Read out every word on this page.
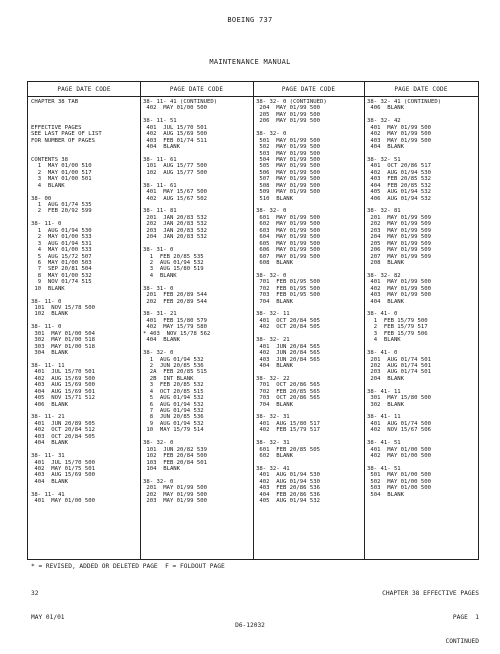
BOEING 737
MAINTENANCE MANUAL
PAGE DATE CODE	PAGE DATE CODE	PAGE DATE CODE	PAGE DATE CODE
CHAPTER 38 TAB
EFFECTIVE PAGES
SEE LAST PAGE OF LIST
FOR NUMBER OF PAGES
CONTENTS 38
1  MAY 01/00 510
2  MAY 01/00 517
3  MAY 01/00 501
4  BLANK
38- 00
1  AUG 01/74 535
2  FEB 20/92 599
38- 11- 0
1  AUG 01/94 530
2  MAY 01/00 533
3  AUG 01/94 531
4  MAY 01/00 533
5  AUG 15/72 507
6  MAY 01/00 503
7  SEP 20/81 504
8  MAY 01/00 532
9  NOV 01/74 515
10  BLANK
38- 11- 0
101  NOV 15/78 500
102  BLANK
38- 11- 0
301  MAY 01/00 504
302  MAY 01/00 518
303  MAY 01/00 518
304  BLANK
38- 11- 11
401  JUL 15/70 501
402  AUG 15/69 500
403  AUG 15/69 500
404  AUG 15/69 501
405  NOV 15/71 512
406  BLANK
38- 11- 21
401  JUN 20/89 505
402  OCT 20/84 512
403  OCT 20/84 505
404  BLANK
38- 11- 31
401  JUL 15/70 500
402  MAY 01/75 501
403  AUG 15/69 500
404  BLANK
38- 11- 41
401  MAY 01/00 500
38- 11- 41 (CONTINUED)
402  MAY 01/00 500
38- 11- 51
401  JUL 15/70 501
402  AUG 15/69 500
403  FEB 01/74 511
404  BLANK
38- 11- 61
101  AUG 15/77 500
102  AUG 15/77 500
38- 11- 61
401  MAY 15/67 500
402  AUG 15/67 502
38- 11- 81
201  JAN 20/83 532
202  JAN 20/83 532
203  JAN 20/83 532
204  JAN 20/83 532
38- 31- 0
1  FEB 20/85 535
2  AUG 01/94 532
3  AUG 15/80 519
4  BLANK
38- 31- 0
201  FEB 20/89 544
202  FEB 20/89 544
38- 31- 21
401  FEB 15/80 579
402  MAY 15/79 580
* 403  NOV 15/78 562
404  BLANK
38- 32- 0
1  AUG 01/94 532
2  JUN 20/85 536
2A  FEB 20/85 515
2B  INT BLANK
3  FEB 20/85 532
4  OCT 20/85 515
5  AUG 01/94 532
6  AUG 01/94 532
7  AUG 01/94 532
8  JUN 20/85 536
9  AUG 01/94 532
10  MAY 15/79 514
38- 32- 0
101  JUN 20/82 539
102  FEB 20/84 500
103  FEB 20/84 501
104  BLANK
38- 32- 0
201  MAY 01/99 500
202  MAY 01/99 500
203  MAY 01/99 500
38- 32- 0 (CONTINUED)
204  MAY 01/99 500
205  MAY 01/99 500
206  MAY 01/99 500
38- 32- 0
501  MAY 01/99 500
502  MAY 01/99 500
503  MAY 01/99 500
504  MAY 01/99 500
505  MAY 01/99 500
506  MAY 01/99 500
507  MAY 01/99 500
508  MAY 01/99 500
509  MAY 01/99 500
510  BLANK
38- 32- 0
601  MAY 01/99 500
602  MAY 01/99 500
603  MAY 01/99 500
604  MAY 01/99 500
605  MAY 01/99 500
606  MAY 01/99 500
607  MAY 01/99 500
608  BLANK
38- 32- 0
701  FEB 01/95 500
702  FEB 01/95 500
703  FEB 01/95 500
704  BLANK
38- 32- 11
401  OCT 20/84 505
402  OCT 20/84 505
38- 32- 21
401  JUN 20/84 565
402  JUN 20/84 565
403  JUN 20/84 565
404  BLANK
38- 32- 22
701  OCT 20/86 565
702  FEB 20/85 565
703  OCT 20/86 565
704  BLANK
38- 32- 31
401  AUG 15/80 517
402  FEB 15/79 517
38- 32- 31
601  FEB 20/85 505
602  BLANK
38- 32- 41
401  AUG 01/94 530
402  AUG 01/94 530
403  FEB 20/86 536
404  FEB 20/86 536
405  AUG 01/94 532
38- 32- 41 (CONTINUED)
406  BLANK
38- 32- 42
401  MAY 01/99 500
402  MAY 01/99 500
403  MAY 01/99 500
404  BLANK
38- 32- 51
401  OCT 20/86 517
402  AUG 01/94 530
403  FEB 20/85 532
404  FEB 20/85 532
405  AUG 01/94 532
406  AUG 01/94 532
38- 32- 81
201  MAY 01/99 509
202  MAY 01/99 509
203  MAY 01/99 509
204  MAY 01/99 509
205  MAY 01/99 509
206  MAY 01/99 509
207  MAY 01/99 509
208  BLANK
38- 32- 82
401  MAY 01/99 500
402  MAY 01/99 500
403  MAY 01/99 500
404  BLANK
38- 41- 0
1  FEB 15/79 500
2  FEB 15/79 517
3  FEB 15/79 506
4  BLANK
38- 41- 0
201  AUG 01/74 501
202  AUG 01/74 501
203  AUG 01/74 501
204  BLANK
38- 41- 11
301  MAY 15/80 500
302  BLANK
38- 41- 11
401  AUG 01/74 500
402  NOV 15/67 506
38- 41- 51
401  MAY 01/00 500
402  MAY 01/00 500
38- 41- 51
501  MAY 01/00 500
502  MAY 01/00 500
503  MAY 01/00 500
504  BLANK
* = REVISED, ADDED OR DELETED PAGE  F = FOLDOUT PAGE

32

MAY 01/01

CHAPTER 38 EFFECTIVE PAGES

PAGE  1

CONTINUED

D6-12032
